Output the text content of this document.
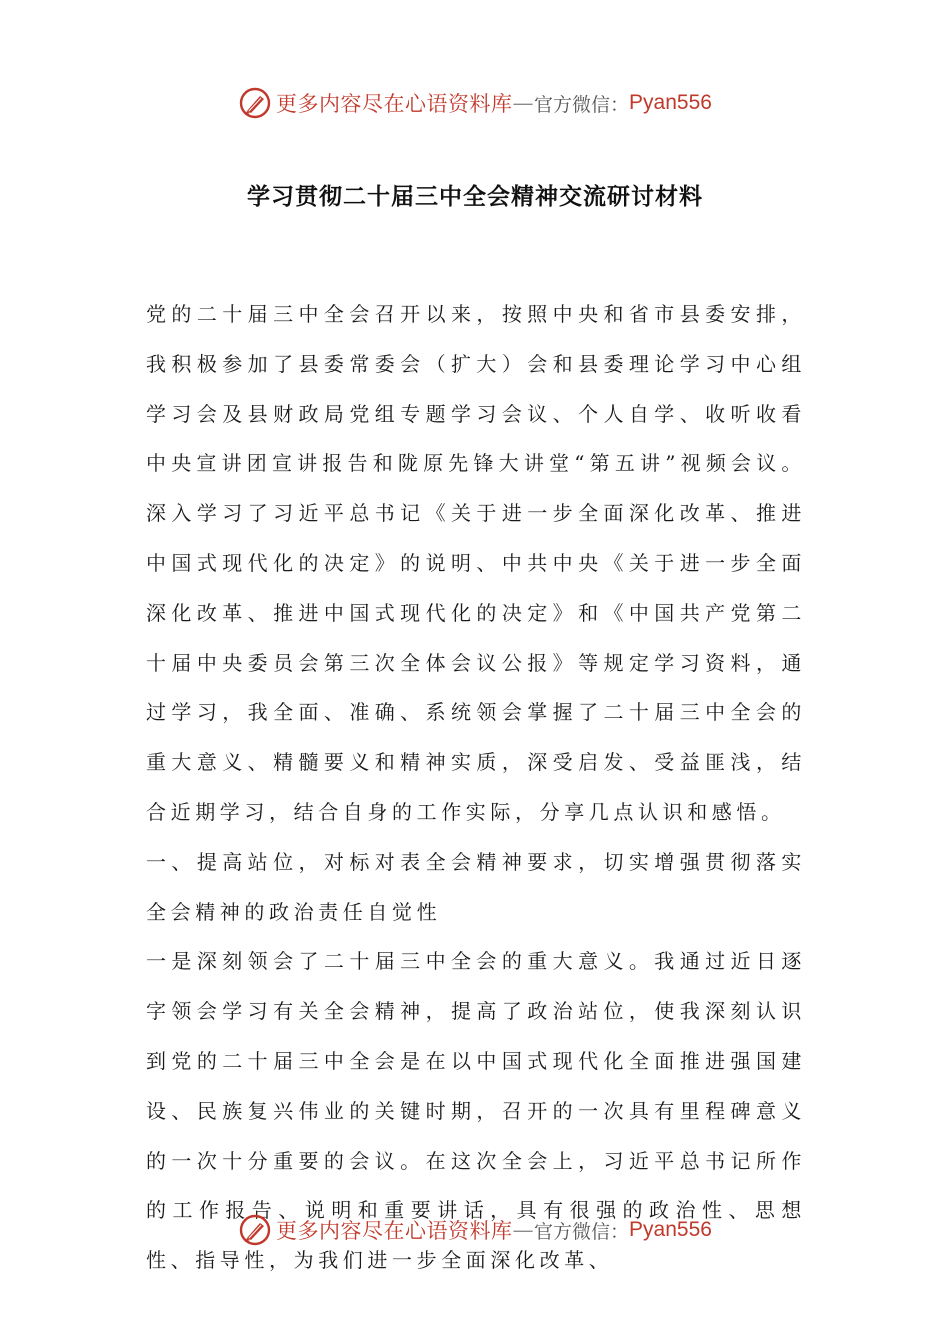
更多内容尽在心语资料库 — 官方微信： Pyan556
学习贯彻二十届三中全会精神交流研讨材料

党的二十届三中全会召开以来，按照中央和省市县委安排，我积极参加了县委常委会（扩大）会和县委理论学习中心组学习会及县财政局党组专题学习会议、个人自学、收听收看中央宣讲团宣讲报告和陇原先锋大讲堂“第五讲”视频会议。深入学习了习近平总书记《关于进一步全面深化改革、推进中国式现代化的决定》的说明、中共中央《关于进一步全面深化改革、推进中国式现代化的决定》和《中国共产党第二十届中央委员会第三次全体会议公报》等规定学习资料，通过学习，我全面、准确、系统领会掌握了二十届三中全会的重大意义、精髓要义和精神实质，深受启发、受益匪浅，结合近期学习，结合自身的工作实际，分享几点认识和感悟。

一、提高站位，对标对表全会精神要求，切实增强贯彻落实全会精神的政治责任自觉性

一是深刻领会了二十届三中全会的重大意义。我通过近日逐字领会学习有关全会精神，提高了政治站位，使我深刻认识到党的二十届三中全会是在以中国式现代化全面推进强国建设、民族复兴伟业的关键时期，召开的一次具有里程碑意义的一次十分重要的会议。在这次全会上，习近平总书记所作的工作报告、说明和重要讲话，具有很强的政治性、思想性、指导性，为我们进一步全面深化改革、

更多内容尽在心语资料库 — 官方微信： Pyan556
